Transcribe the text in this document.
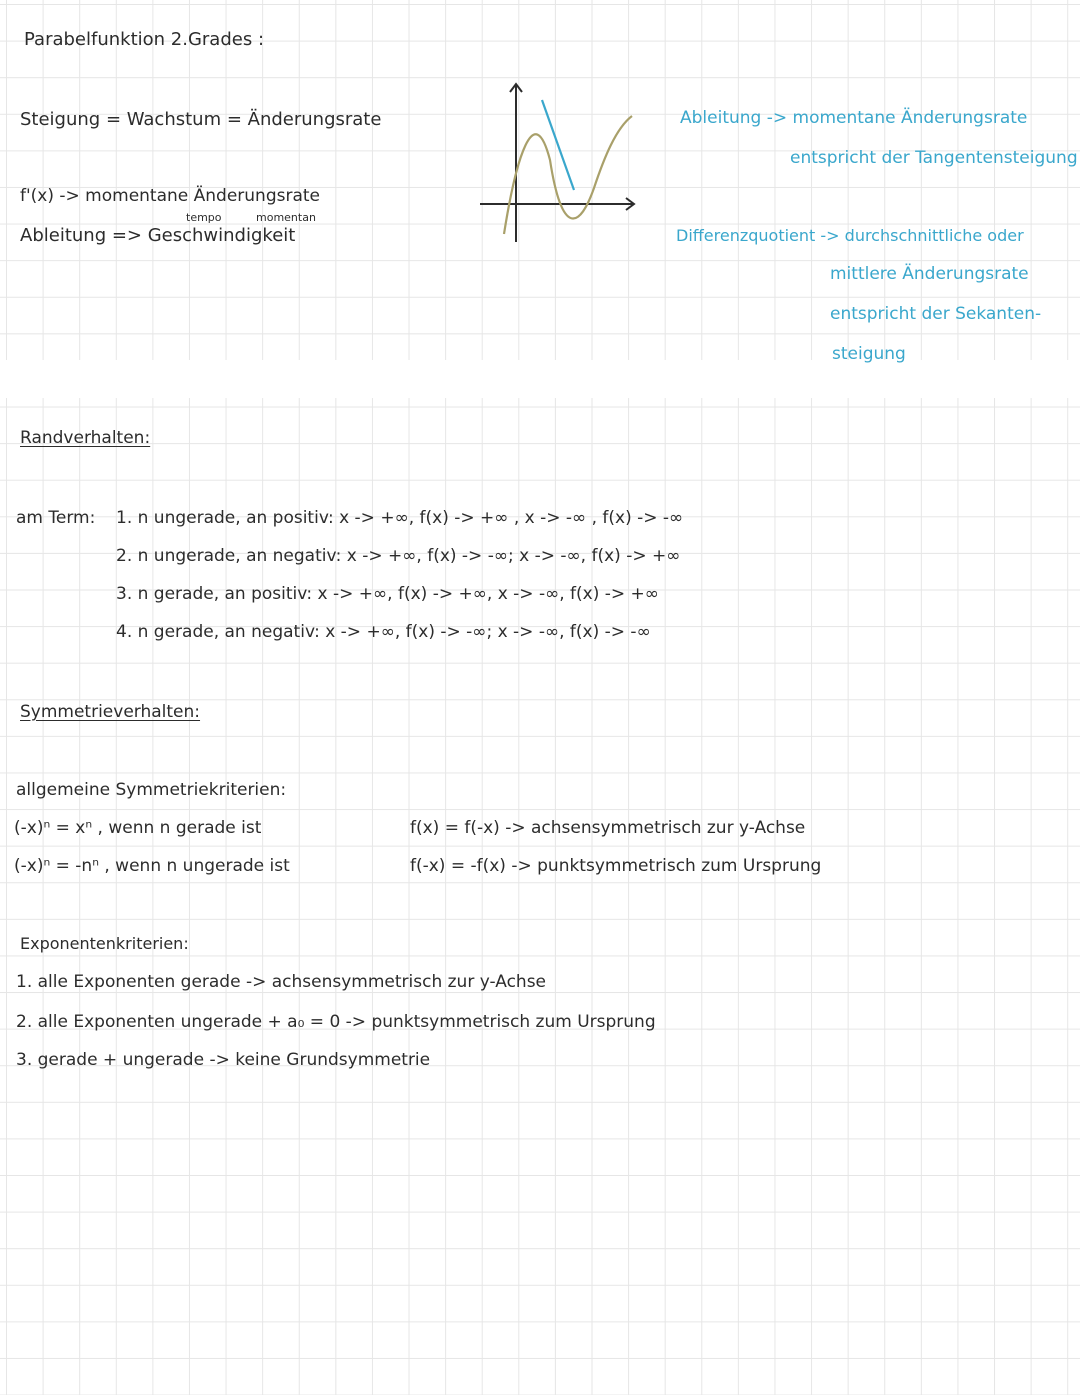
Parabelfunktion 2.Grades :
Steigung = Wachstum = Änderungsrate
f'(x) -> momentane Änderungsrate
tempo	momentan
Ableitung => Geschwindigkeit
Ableitung -> momentane Änderungsrate
entspricht der Tangentensteigung
Differenzquotient -> durchschnittliche oder
mittlere Änderungsrate
entspricht der Sekanten-
steigung
Randverhalten:
am Term: 1. n ungerade, an positiv: x -> +∞, f(x) -> +∞ , x -> -∞ , f(x) -> -∞
2. n ungerade, an negativ: x -> +∞, f(x) -> -∞; x -> -∞, f(x) -> +∞
3. n gerade, an positiv: x -> +∞, f(x) -> +∞, x -> -∞, f(x) -> +∞
4. n gerade, an negativ: x -> +∞, f(x) -> -∞; x -> -∞, f(x) -> -∞
Symmetrieverhalten:
allgemeine Symmetriekriterien:
(-x)ⁿ = xⁿ , wenn n gerade ist
(-x)ⁿ = -nⁿ , wenn n ungerade ist
f(x) = f(-x) -> achsensymmetrisch zur y-Achse
f(-x) = -f(x) -> punktsymmetrisch zum Ursprung
Exponentenkriterien:
1. alle Exponenten gerade -> achsensymmetrisch zur y-Achse
2. alle Exponenten ungerade + a₀ = 0 -> punktsymmetrisch zum Ursprung
3. gerade + ungerade -> keine Grundsymmetrie
